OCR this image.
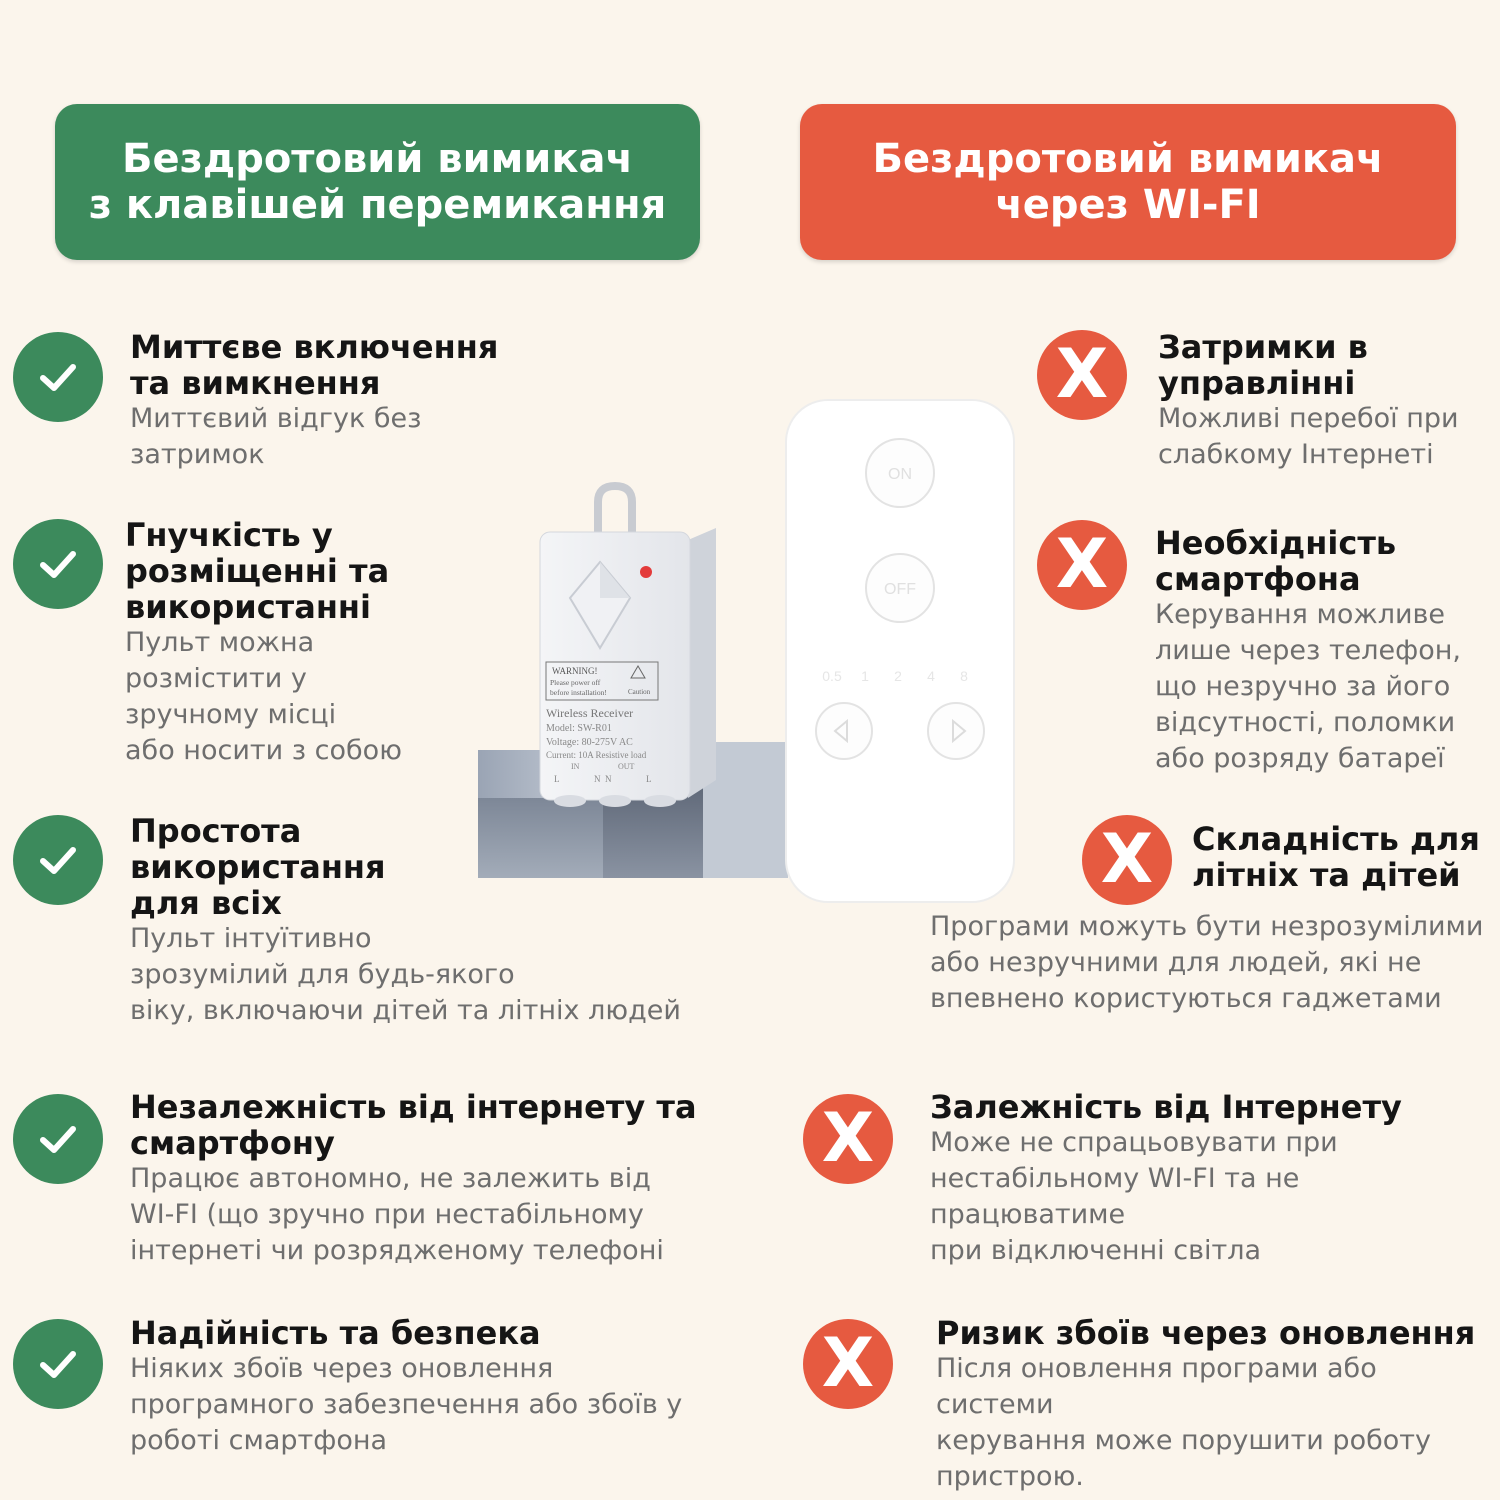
Бездротовий вимикач
з клавішей перемикання
Бездротовий вимикач
через WI-FI
Миттєве включення
та вимкнення
Миттєвий відгук без
затримок
Гнучкість у
розміщенні та
використанні
Пульт можна
розмістити у
зручному місці
або носити з собою
Простота
використання
для всіх
Пульт інтуїтивно
зрозумілий для будь-якого
віку, включаючи дітей та літніх людей
Незалежність від інтернету та
смартфону
Працює автономно, не залежить від
WI-FI (що зручно при нестабільному
інтернеті чи розрядженому телефоні
Надійність та безпека
Ніяких збоїв через оновлення
програмного забезпечення або збоїв у
роботі смартфона
X Затримки в
управлінні
Можливі перебої при
слабкому Інтернеті
X Необхідність
смартфона
Керування можливе
лише через телефон,
що незручно за його
відсутності, поломки
або розряду батареї
X Складність для
літніх та дітей
Програми можуть бути незрозумілими
або незручними для людей, які не
впевнено користуються гаджетами
X Залежність від Інтернету
Може не спрацьовувати при
нестабільному WI-FI та не працюватиме
при відключенні світла
X Ризик збоїв через оновлення
Після оновлення програми або системи
керування може порушити роботу
пристрою.
WARNING!
Please power off
before installation!	Caution
Wireless Receiver
Model: SW-R01
Voltage: 80-275V AC
Current: 10A Resistive load
IN	OUT
L	N N	L
ON
OFF
0.5 1 2 4 8
